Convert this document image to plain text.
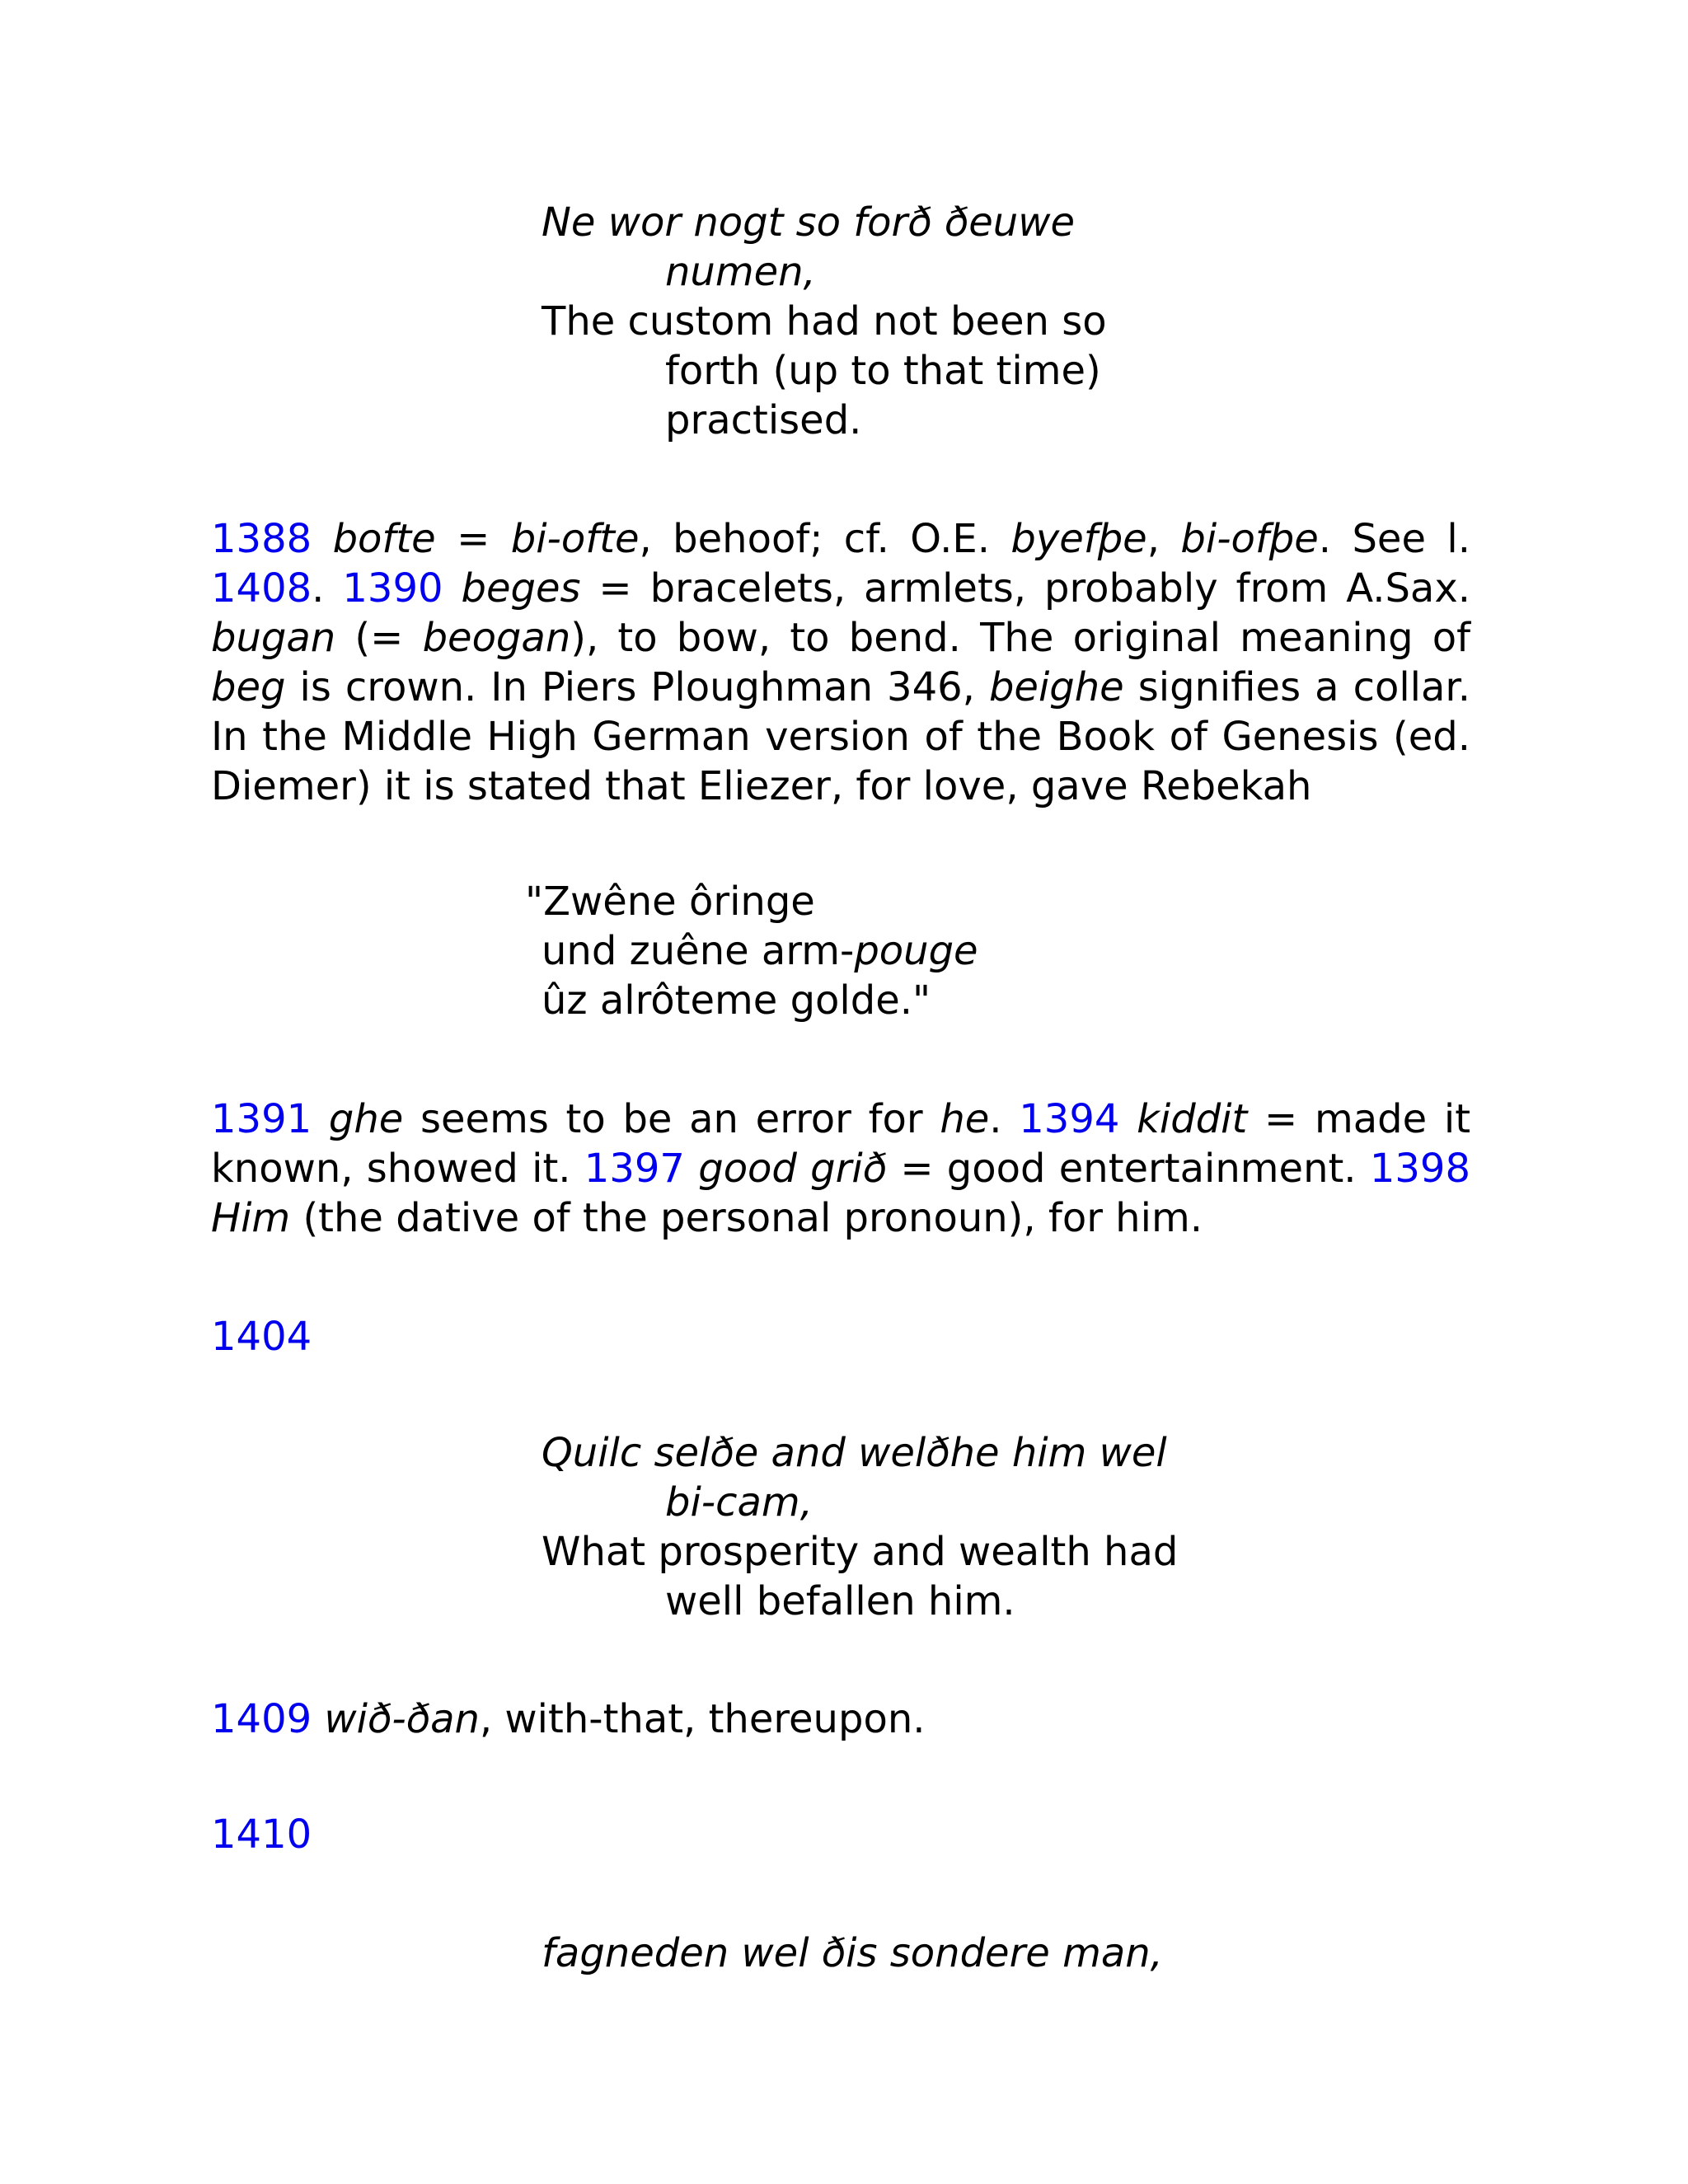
Ne wor nogt so forð ðeuwe
numen,
The custom had not been so
forth (up to that time)
practised.

1388 bofte = bi-ofte, behoof; cf. O.E. byefþe, bi-ofþe. See l. 1408. 1390 beges = bracelets, armlets, probably from A.Sax. bugan (= beogan), to bow, to bend. The original meaning of beg is crown. In Piers Ploughman 346, beighe signifies a collar. In the Middle High German version of the Book of Genesis (ed. Diemer) it is stated that Eliezer, for love, gave Rebekah

"Zwêne ôringe
und zuêne arm-pouge
ûz alrôteme golde."

1391 ghe seems to be an error for he. 1394 kiddit = made it known, showed it. 1397 good grið = good entertainment. 1398 Him (the dative of the personal pronoun), for him.

1404

Quilc selðe and welðhe him wel
bi-cam,
What prosperity and wealth had
well befallen him.

1409 wið-ðan, with-that, thereupon.

1410

fagneden wel ðis sondere man,
